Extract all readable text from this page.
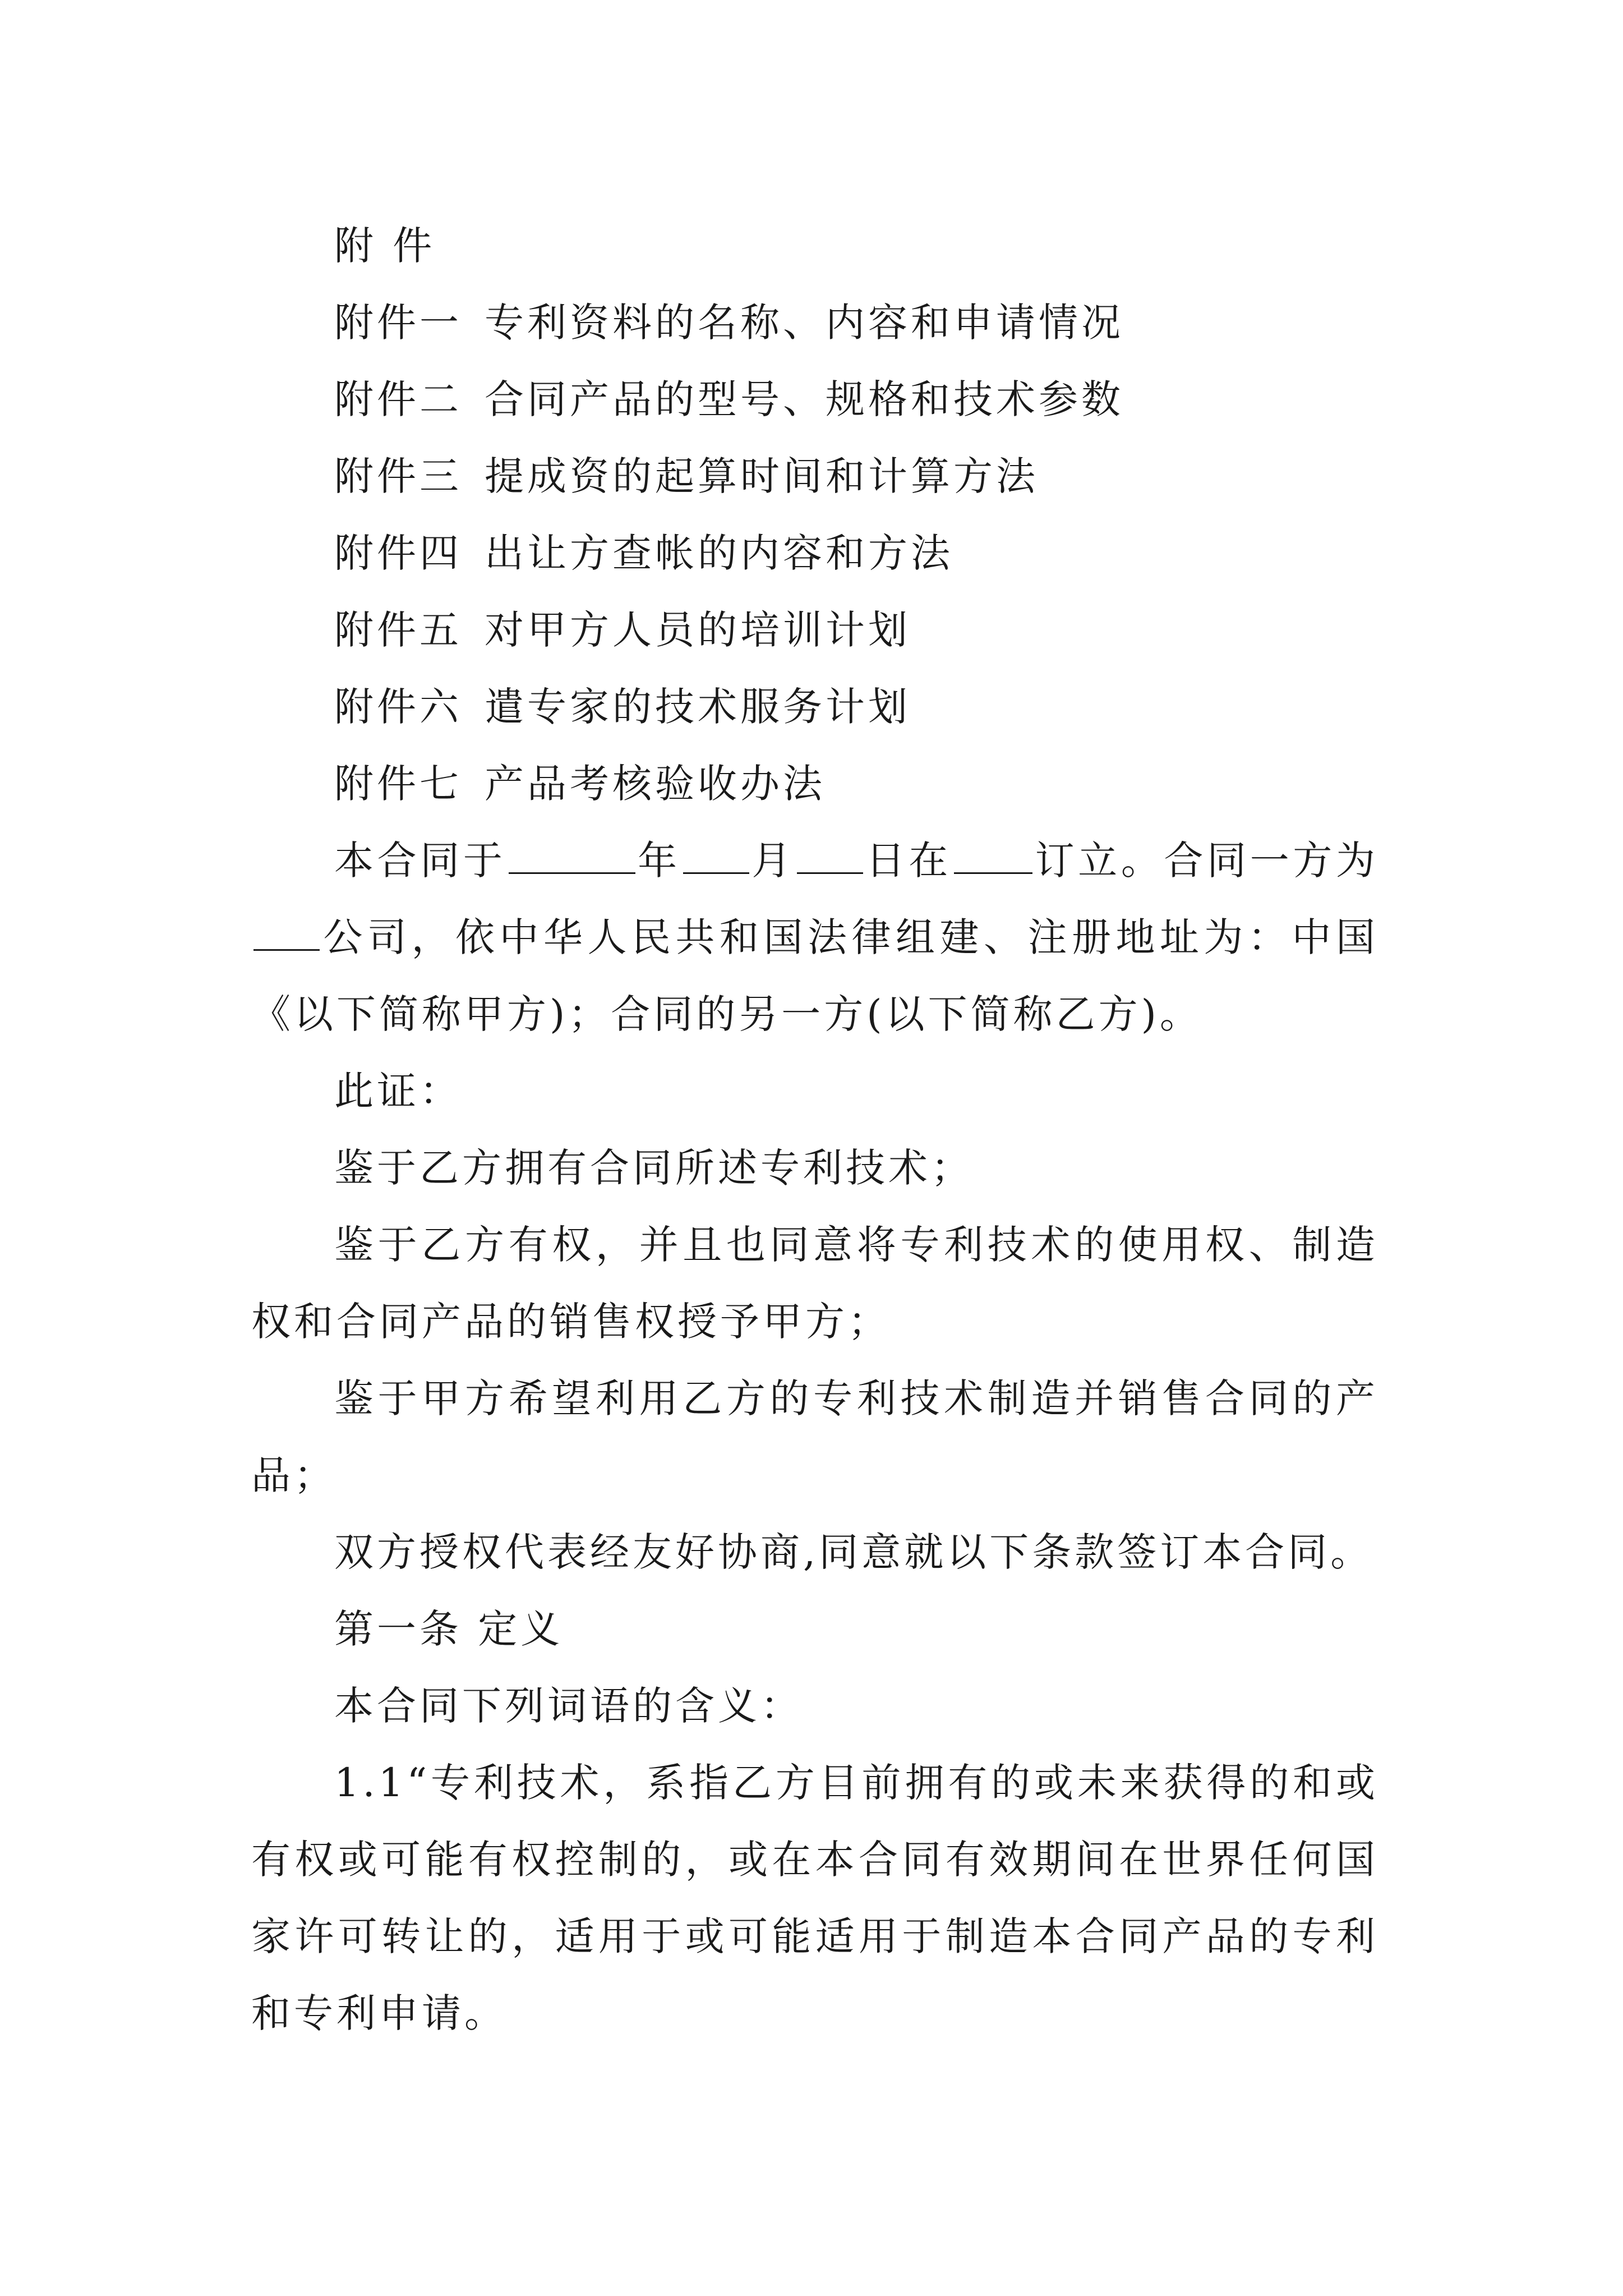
附 件

附件一 专利资料的名称、内容和申请情况

附件二 合同产品的型号、规格和技术参数

附件三 提成资的起算时间和计算方法

附件四 出让方查帐的内容和方法

附件五 对甲方人员的培训计划

附件六 遣专家的技术服务计划

附件七 产品考核验收办法

本合同于	年 月 日在 订立。合同一方为公司，依中华人民共和国法律组建、注册地址为：中国《以下简称甲方)；合同的另一方(以下简称乙方)。

此证：

鉴于乙方拥有合同所述专利技术；

鉴于乙方有权，并且也同意将专利技术的使用权、制造权和合同产品的销售权授予甲方；

鉴于甲方希望利用乙方的专利技术制造并销售合同的产品；

双方授权代表经友好协商,同意就以下条款签订本合同。

第一条 定义

本合同下列词语的含义：

1.1“专利技术，系指乙方目前拥有的或未来获得的和或有权或可能有权控制的，或在本合同有效期间在世界任何国家许可转让的，适用于或可能适用于制造本合同产品的专利和专利申请。
